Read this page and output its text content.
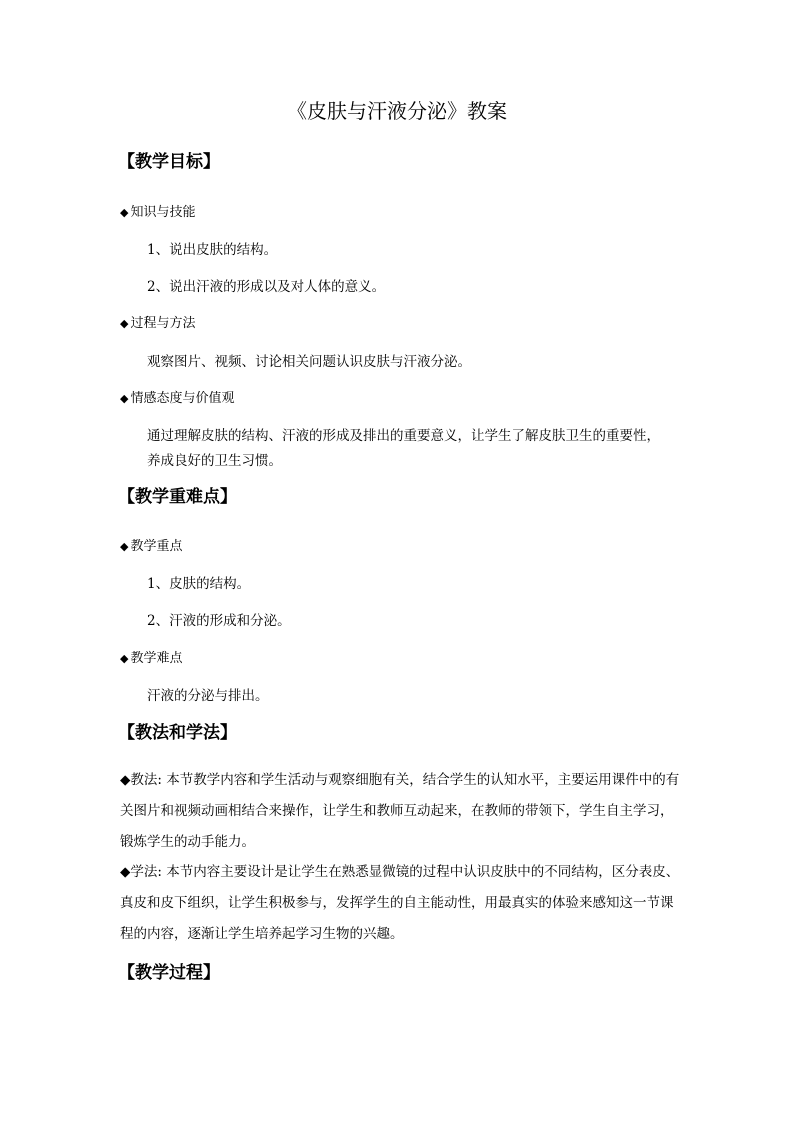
《皮肤与汗液分泌》教案
【教学目标】
◆ 知识与技能
1、说出皮肤的结构。
2、说出汗液的形成以及对人体的意义。
◆ 过程与方法
观察图片、视频、讨论相关问题认识皮肤与汗液分泌。
◆ 情感态度与价值观
通过理解皮肤的结构、汗液的形成及排出的重要意义，让学生了解皮肤卫生的重要性，
养成良好的卫生习惯。
【教学重难点】
◆ 教学重点
1、皮肤的结构。
2、汗液的形成和分泌。
◆ 教学难点
汗液的分泌与排出。
【教法和学法】
◆教法: 本节教学内容和学生活动与观察细胞有关，结合学生的认知水平，主要运用课件中的有关图片和视频动画相结合来操作，让学生和教师互动起来，在教师的带领下，学生自主学习，锻炼学生的动手能力。
◆学法: 本节内容主要设计是让学生在熟悉显微镜的过程中认识皮肤中的不同结构，区分表皮、真皮和皮下组织，让学生积极参与，发挥学生的自主能动性，用最真实的体验来感知这一节课程的内容，逐渐让学生培养起学习生物的兴趣。
【教学过程】
